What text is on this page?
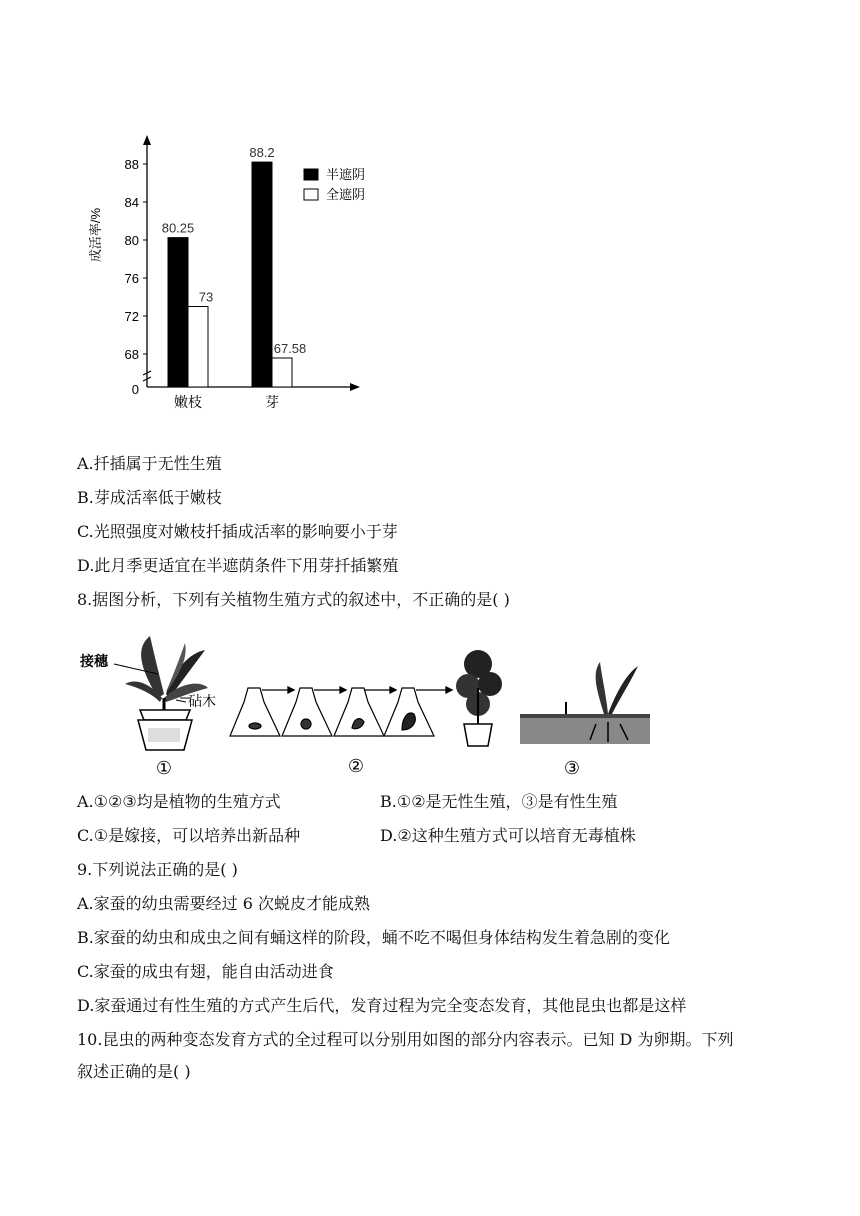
成活率/%
0
68
72
76
80
84
88
80.25
73
嫩枝
88.2
67.58
芽
半遮阴
全遮阴
A.扦插属于无性生殖
B.芽成活率低于嫩枝
C.光照强度对嫩枝扦插成活率的影响要小于芽
D.此月季更适宜在半遮荫条件下用芽扦插繁殖
8.据图分析，下列有关植物生殖方式的叙述中，不正确的是( )
接穗
砧木
①	②	③
A.①②③均是植物的生殖方式	B.①②是无性生殖，③是有性生殖
C.①是嫁接，可以培养出新品种	D.②这种生殖方式可以培育无毒植株
9.下列说法正确的是( )
A.家蚕的幼虫需要经过 6 次蜕皮才能成熟
B.家蚕的幼虫和成虫之间有蛹这样的阶段，蛹不吃不喝但身体结构发生着急剧的变化
C.家蚕的成虫有翅，能自由活动进食
D.家蚕通过有性生殖的方式产生后代，发育过程为完全变态发育，其他昆虫也都是这样
10.昆虫的两种变态发育方式的全过程可以分别用如图的部分内容表示。已知 D 为卵期。下列
叙述正确的是( )
